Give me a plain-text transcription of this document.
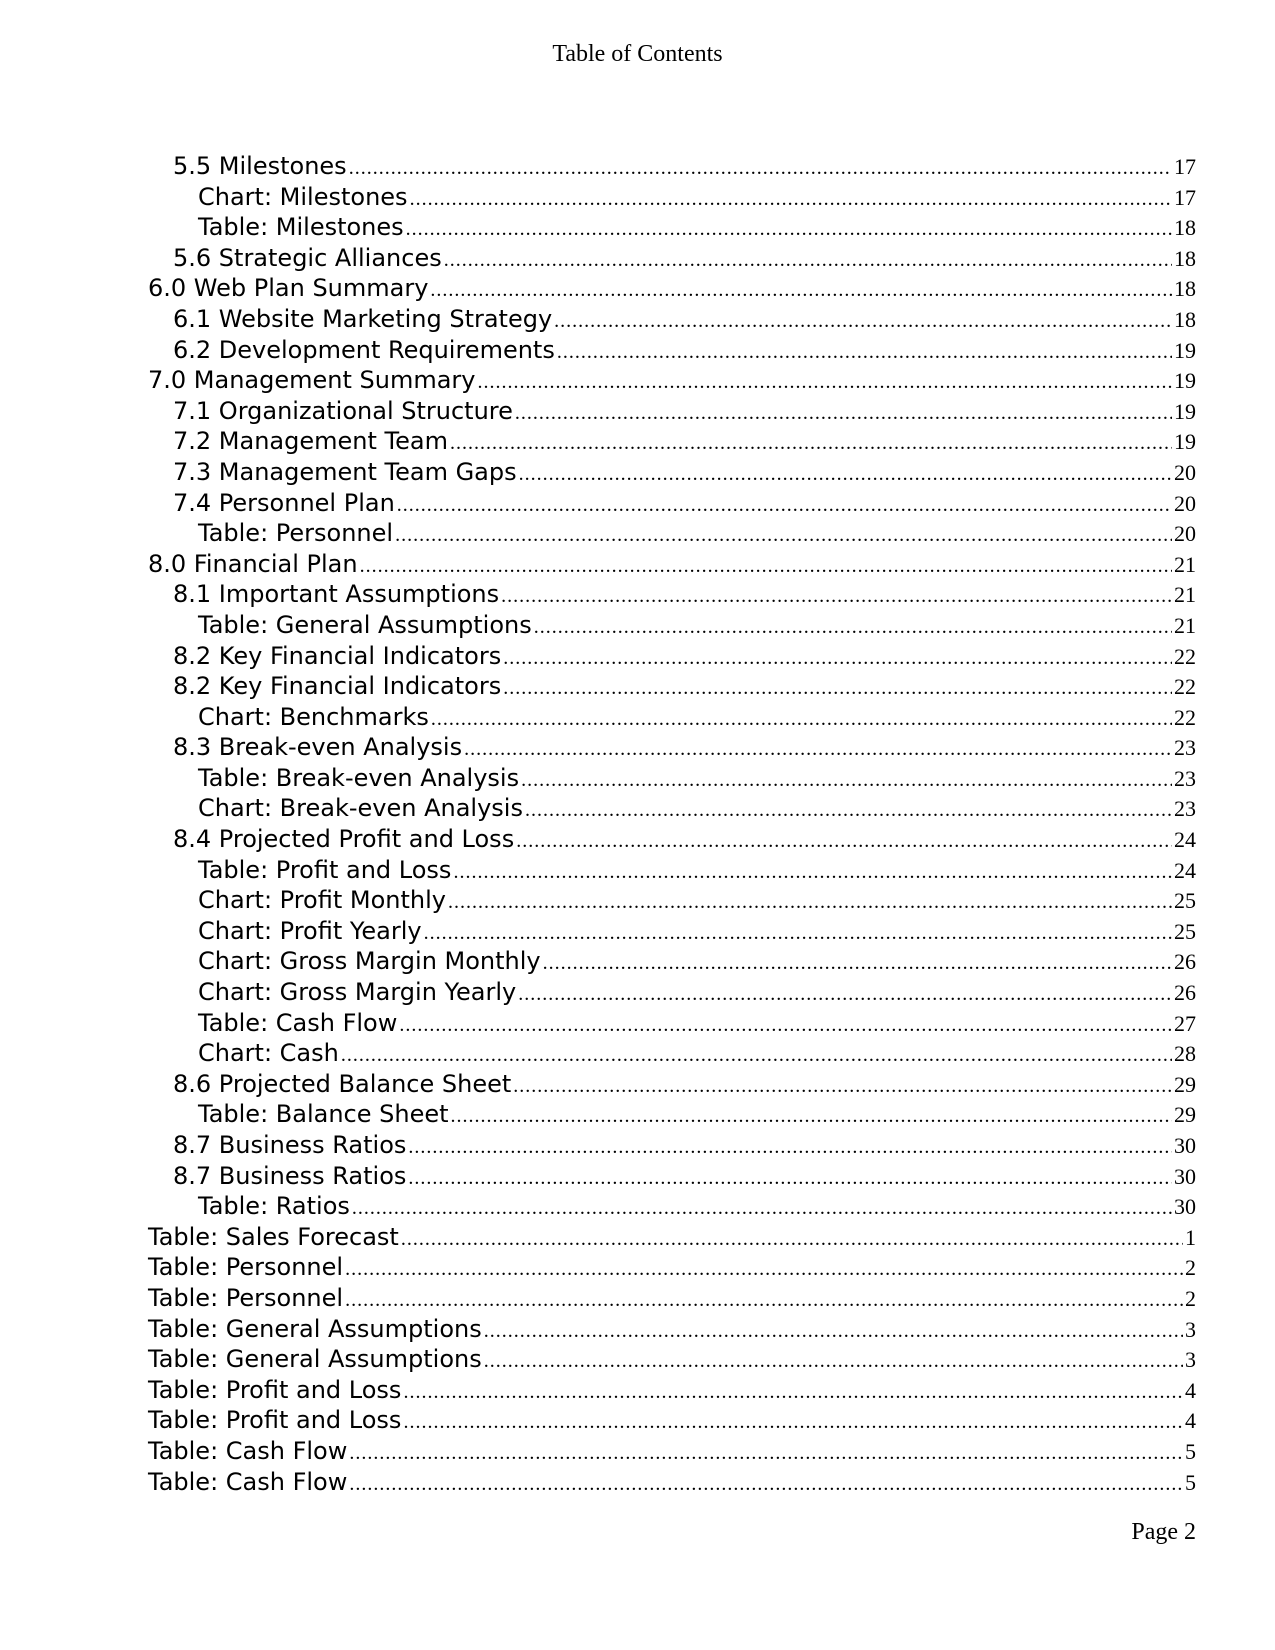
Table of Contents
5.5 Milestones .....	17
Chart: Milestones .....	17
Table: Milestones .....	18
5.6 Strategic Alliances .....	18
6.0 Web Plan Summary .....	18
6.1 Website Marketing Strategy .....	18
6.2 Development Requirements .....	19
7.0 Management Summary .....	19
7.1 Organizational Structure .....	19
7.2 Management Team .....	19
7.3 Management Team Gaps .....	20
7.4 Personnel Plan .....	20
Table: Personnel .....	20
8.0 Financial Plan .....	21
8.1 Important Assumptions .....	21
Table: General Assumptions .....	21
8.2 Key Financial Indicators .....	22
8.2 Key Financial Indicators .....	22
Chart: Benchmarks .....	22
8.3 Break-even Analysis .....	23
Table: Break-even Analysis .....	23
Chart: Break-even Analysis .....	23
8.4 Projected Profit and Loss .....	24
Table: Profit and Loss .....	24
Chart: Profit Monthly .....	25
Chart: Profit Yearly .....	25
Chart: Gross Margin Monthly .....	26
Chart: Gross Margin Yearly .....	26
Table: Cash Flow .....	27
Chart: Cash .....	28
8.6 Projected Balance Sheet .....	29
Table: Balance Sheet .....	29
8.7 Business Ratios .....	30
8.7 Business Ratios .....	30
Table: Ratios .....	30
Table: Sales Forecast .....	1
Table: Personnel .....	2
Table: Personnel .....	2
Table: General Assumptions .....	3
Table: General Assumptions .....	3
Table: Profit and Loss .....	4
Table: Profit and Loss .....	4
Table: Cash Flow .....	5
Table: Cash Flow .....	5
Page 2
